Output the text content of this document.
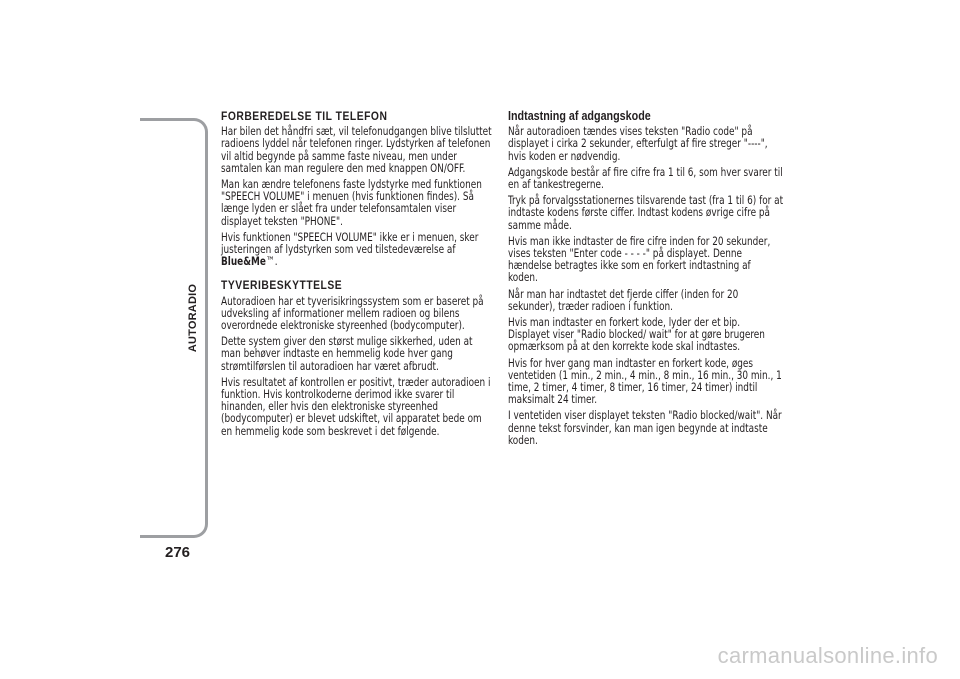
AUTORADIO
276
FORBEREDELSE TIL TELEFON

Har bilen det håndfri sæt, vil telefonudgangen blive tilsluttet radioens lyddel når telefonen ringer. Lydstyrken af telefonen vil altid begynde på samme faste niveau, men under samtalen kan man regulere den med knappen ON/OFF.

Man kan ændre telefonens faste lydstyrke med funktionen "SPEECH VOLUME" i menuen (hvis funktionen findes). Så længe lyden er slået fra under telefonsamtalen viser displayet teksten "PHONE".

Hvis funktionen "SPEECH VOLUME" ikke er i menuen, sker justeringen af lydstyrken som ved tilstedeværelse af Blue&Me™.

TYVERIBESKYTTELSE

Autoradioen har et tyverisikringssystem som er baseret på udveksling af informationer mellem radioen og bilens overordnede elektroniske styreenhed (bodycomputer).

Dette system giver den størst mulige sikkerhed, uden at man behøver indtaste en hemmelig kode hver gang strømtilførslen til autoradioen har været afbrudt.

Hvis resultatet af kontrollen er positivt, træder autoradioen i funktion. Hvis kontrolkoderne derimod ikke svarer til hinanden, eller hvis den elektroniske styreenhed (bodycomputer) er blevet udskiftet, vil apparatet bede om en hemmelig kode som beskrevet i det følgende.

Indtastning af adgangskode

Når autoradioen tændes vises teksten "Radio code" på displayet i cirka 2 sekunder, efterfulgt af fire streger "----", hvis koden er nødvendig.

Adgangskode består af fire cifre fra 1 til 6, som hver svarer til en af tankestregerne.

Tryk på forvalgsstationernes tilsvarende tast (fra 1 til 6) for at indtaste kodens første ciffer. Indtast kodens øvrige cifre på samme måde.

Hvis man ikke indtaster de fire cifre inden for 20 sekunder, vises teksten "Enter code - - - -" på displayet. Denne hændelse betragtes ikke som en forkert indtastning af koden.

Når man har indtastet det fjerde ciffer (inden for 20 sekunder), træder radioen i funktion.

Hvis man indtaster en forkert kode, lyder der et bip. Displayet viser "Radio blocked/ wait" for at gøre brugeren opmærksom på at den korrekte kode skal indtastes.

Hvis for hver gang man indtaster en forkert kode, øges ventetiden (1 min., 2 min., 4 min., 8 min., 16 min., 30 min., 1 time, 2 timer, 4 timer, 8 timer, 16 timer, 24 timer) indtil maksimalt 24 timer.

I ventetiden viser displayet teksten "Radio blocked/wait". Når denne tekst forsvinder, kan man igen begynde at indtaste koden.

carmanualsonline.info
